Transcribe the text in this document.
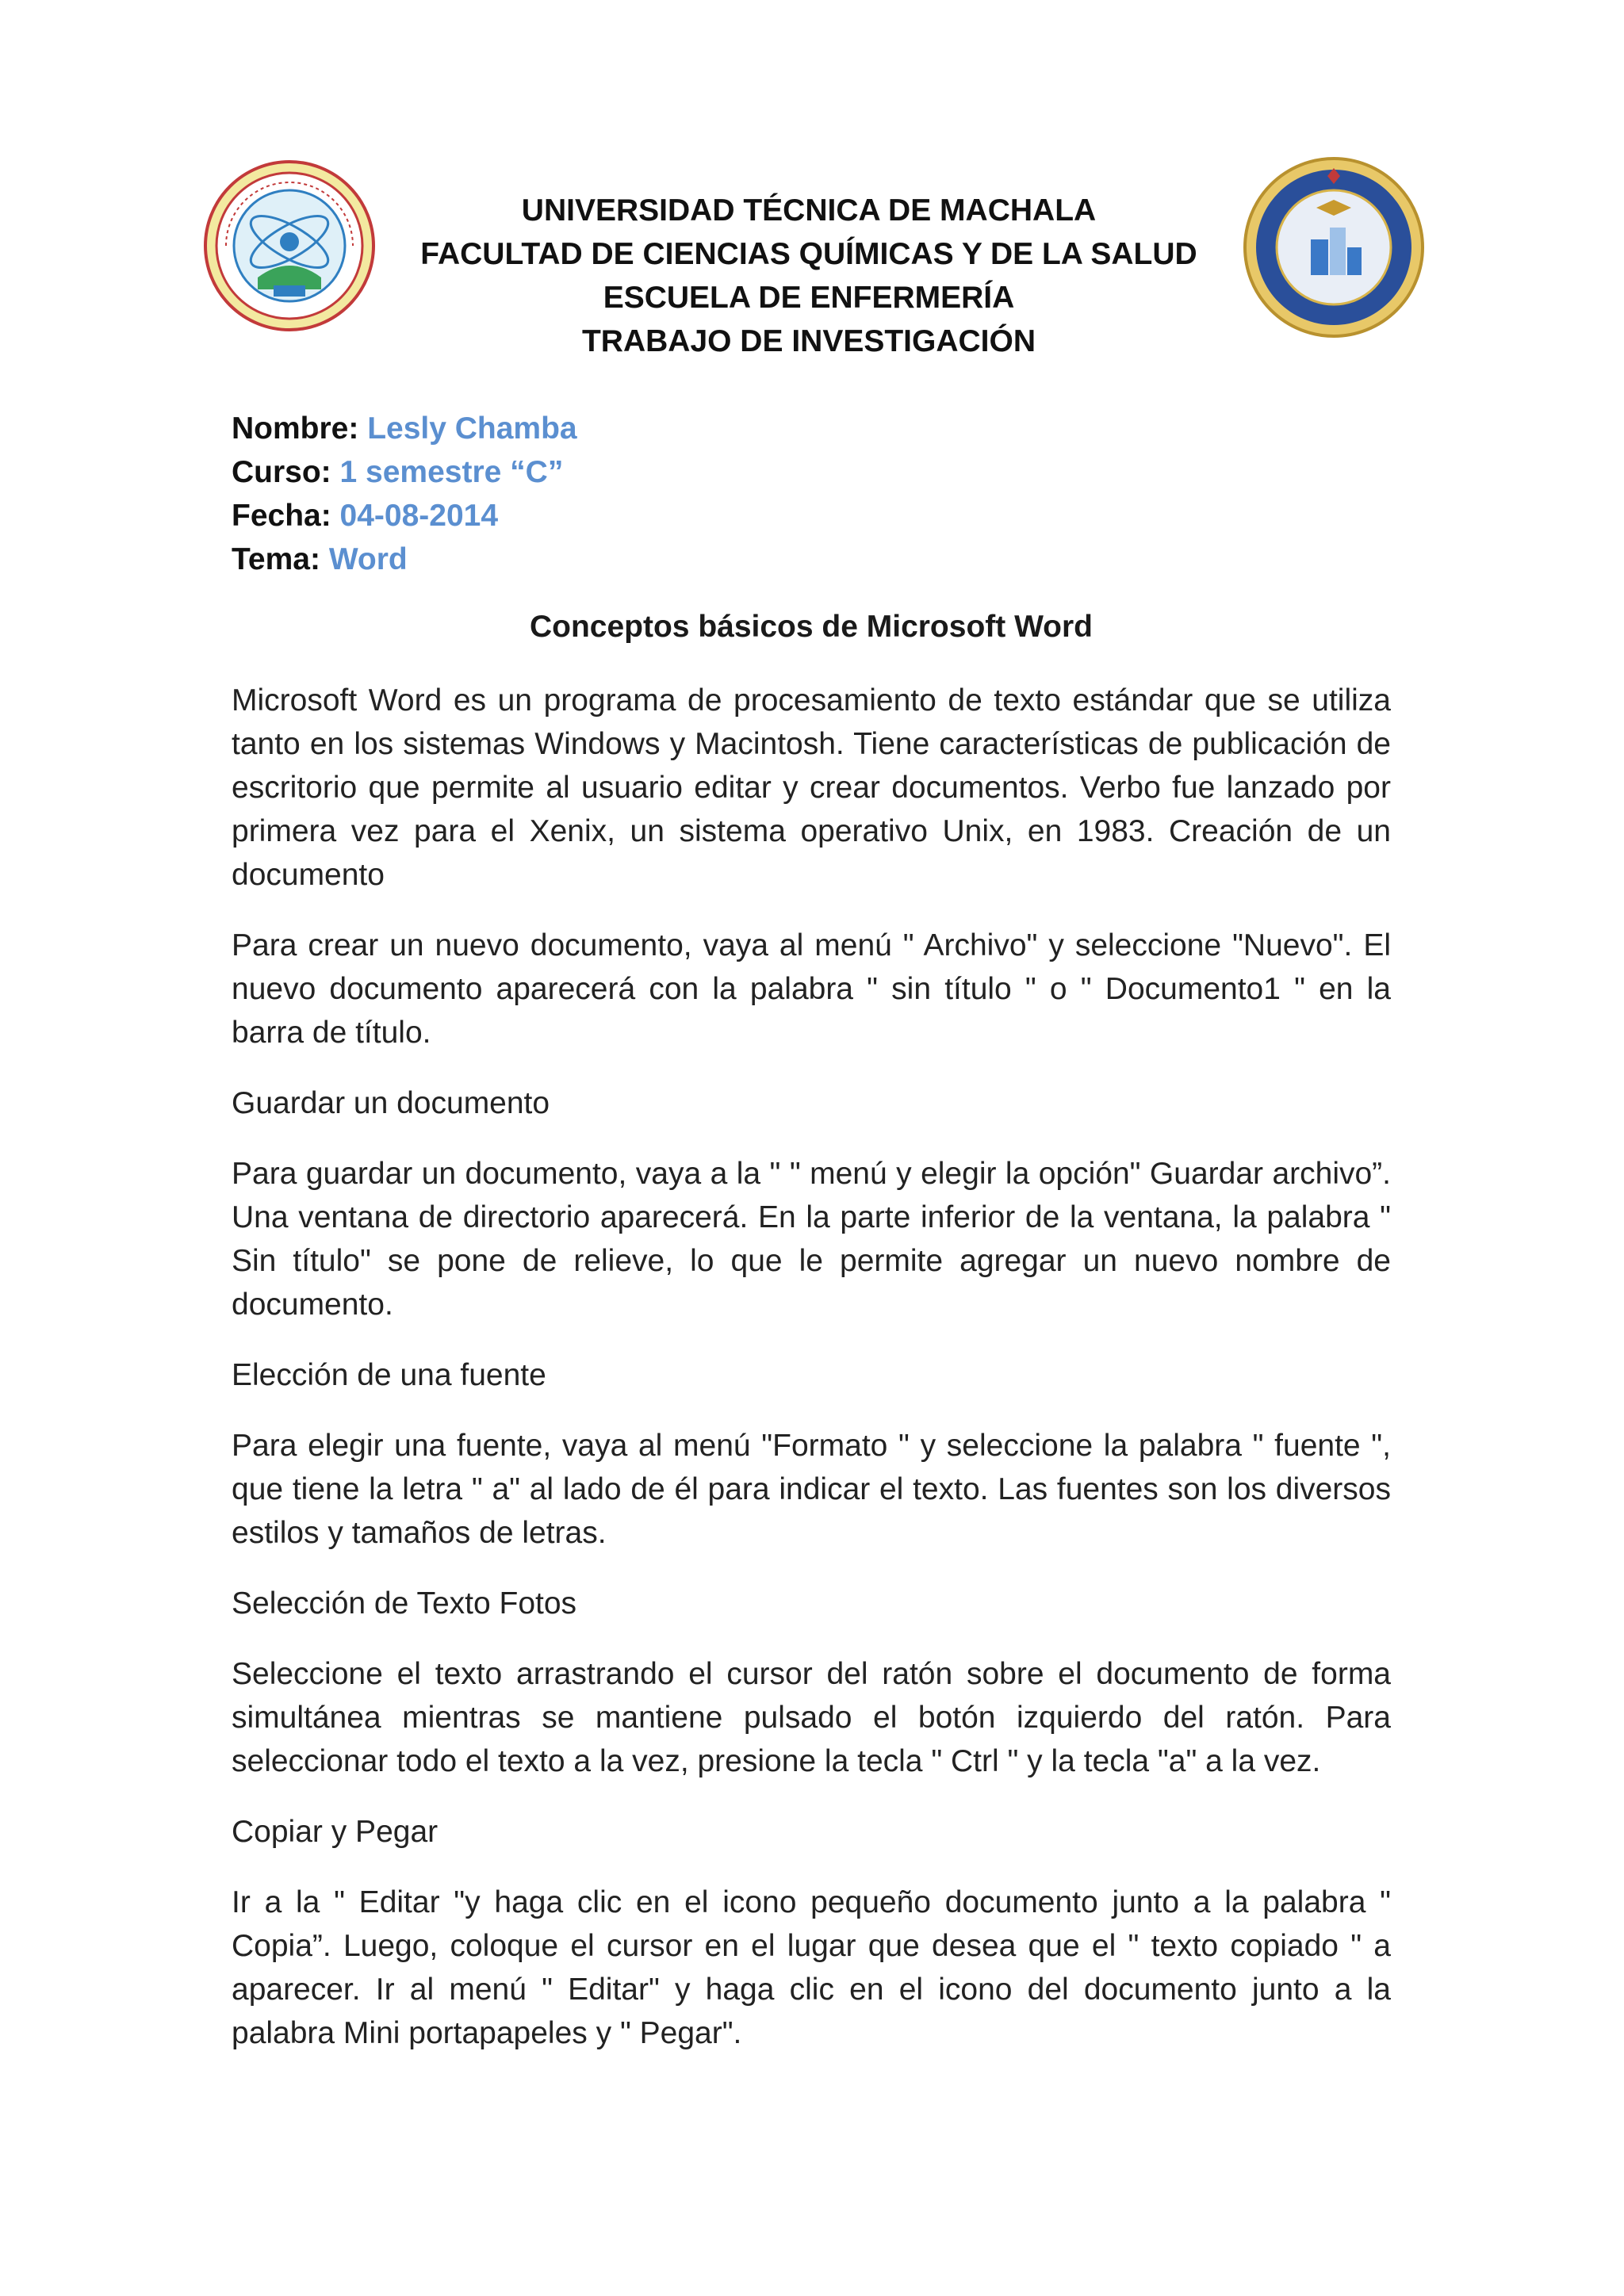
UNIVERSIDAD TÉCNICA DE MACHALA
FACULTAD DE CIENCIAS QUÍMICAS Y DE LA SALUD
ESCUELA DE ENFERMERÍA
TRABAJO DE INVESTIGACIÓN
Nombre: Lesly Chamba
Curso: 1 semestre “C”
Fecha: 04-08-2014
Tema: Word
Conceptos básicos de Microsoft Word

Microsoft Word es un programa de procesamiento de texto estándar que se utiliza tanto en los sistemas Windows y Macintosh. Tiene características de publicación de escritorio que permite al usuario editar y crear documentos. Verbo fue lanzado por primera vez para el Xenix, un sistema operativo Unix, en 1983. Creación de un documento

Para crear un nuevo documento, vaya al menú " Archivo" y seleccione "Nuevo". El nuevo documento aparecerá con la palabra " sin título " o " Documento1 " en la barra de título.

Guardar un documento

Para guardar un documento, vaya a la " " menú y elegir la opción" Guardar archivo”. Una ventana de directorio aparecerá. En la parte inferior de la ventana, la palabra " Sin título" se pone de relieve, lo que le permite agregar un nuevo nombre de documento.

Elección de una fuente

Para elegir una fuente, vaya al menú "Formato " y seleccione la palabra " fuente ", que tiene la letra " a" al lado de él para indicar el texto. Las fuentes son los diversos estilos y tamaños de letras.

Selección de Texto Fotos

Seleccione el texto arrastrando el cursor del ratón sobre el documento de forma simultánea mientras se mantiene pulsado el botón izquierdo del ratón. Para seleccionar todo el texto a la vez, presione la tecla " Ctrl " y la tecla "a" a la vez.

Copiar y Pegar

Ir a la " Editar "y haga clic en el icono pequeño documento junto a la palabra " Copia”. Luego, coloque el cursor en el lugar que desea que el " texto copiado " a aparecer. Ir al menú " Editar" y haga clic en el icono del documento junto a la palabra Mini portapapeles y " Pegar".
